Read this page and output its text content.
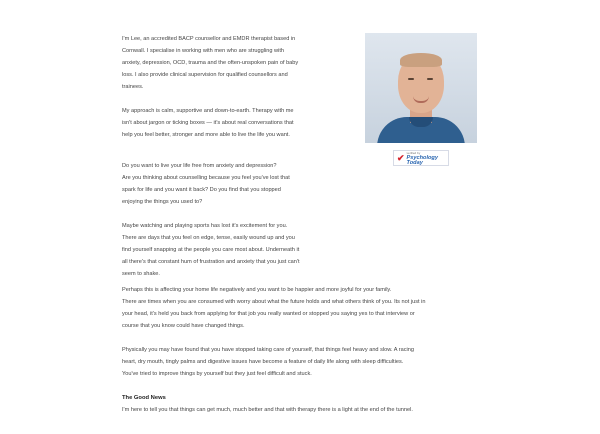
I'm Lee, an accredited BACP counsellor and EMDR therapist based in
Cornwall. I specialise in working with men who are struggling with
anxiety, depression, OCD, trauma and the often-unspoken pain of baby
loss. I also provide clinical supervision for qualified counsellors and
trainees.

My approach is calm, supportive and down-to-earth. Therapy with me
isn't about jargon or ticking boxes — it's about real conversations that
help you feel better, stronger and more able to live the life you want.

Do you want to live your life free from anxiety and depression?
Are you thinking about counselling because you feel you've lost that
spark for life and you want it back? Do you find that you stopped
enjoying the things you used to?

Maybe watching and playing sports has lost it's excitement for you.
There are days that you feel on edge, tense, easily wound up and you
find yourself snapping at the people you care most about. Underneath it
all there's that constant hum of frustration and anxiety that you just can't
seem to shake.

Perhaps this is affecting your home life negatively and you want to be happier and more joyful for your family.
There are times when you are consumed with worry about what the future holds and what others think of you. Its not just in
your head, it's held you back from applying for that job you really wanted or stopped you saying yes to that interview or
course that you know could have changed things.

Physically you may have found that you have stopped taking care of yourself, that things feel heavy and slow. A racing
heart, dry mouth, tingly palms and digestive issues have become a feature of daily life along with sleep difficulties.
You've tried to improve things by yourself but they just feel difficult and stuck.

The Good News

I'm here to tell you that things can get much, much better and that with therapy there is a light at the end of the tunnel.

✔ verified by
Psychology Today
